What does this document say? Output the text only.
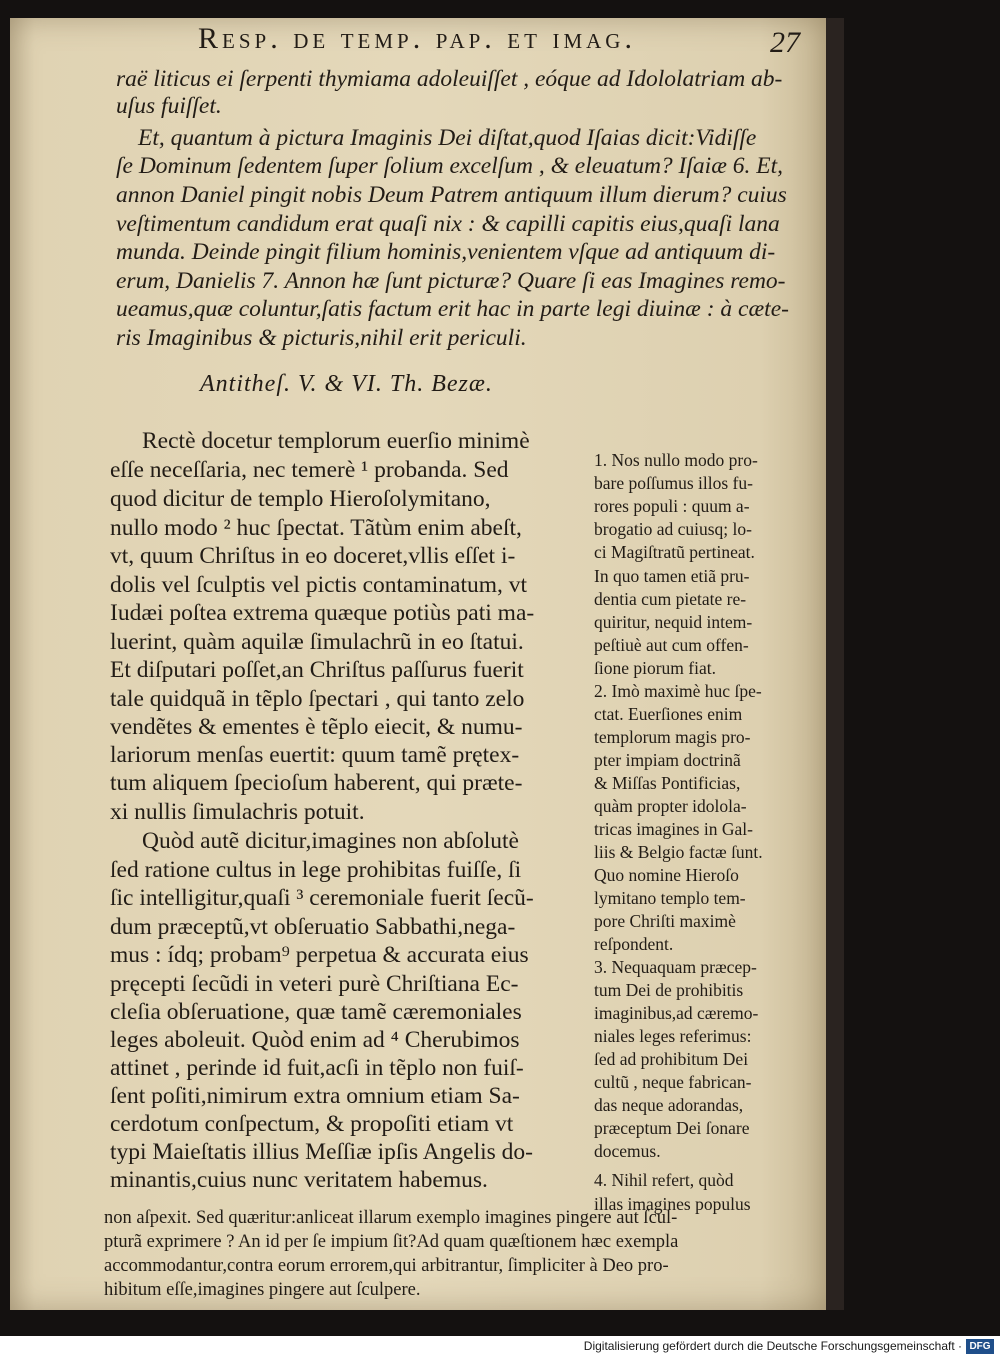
Resp. de temp. pap. et imag.	27
raë liticus ei ſerpenti thymiama adoleuiſſet , eóque ad Idololatriam ab-
uſus fuiſſet.
Et, quantum à pictura Imaginis Dei diſtat,quod Iſaias dicit:Vidiſſe
ſe Dominum ſedentem ſuper ſolium excelſum , & eleuatum? Iſaiæ 6. Et,
annon Daniel pingit nobis Deum Patrem antiquum illum dierum? cuius
veſtimentum candidum erat quaſi nix : & capilli capitis eius,quaſi lana
munda. Deinde pingit filium hominis,venientem vſque ad antiquum di-
erum, Danielis 7. Annon hæ ſunt picturæ? Quare ſi eas Imagines remo-
ueamus,quæ coluntur,ſatis factum erit hac in parte legi diuinæ : à cæte-
ris Imaginibus & picturis,nihil erit periculi.
Antitheſ. V. & VI. Th. Bezæ.
Rectè docetur templorum euerſio minimè
eſſe neceſſaria, nec temerè ¹ probanda. Sed
quod dicitur de templo Hieroſolymitano,
nullo modo ² huc ſpectat. Tãtùm enim abeſt,
vt, quum Chriſtus in eo doceret,vllis eſſet i-
dolis vel ſculptis vel pictis contaminatum, vt
Iudæi poſtea extrema quæque potiùs pati ma-
luerint, quàm aquilæ ſimulachrũ in eo ſtatui.
Et diſputari poſſet,an Chriſtus paſſurus fuerit
tale quidquã in tẽplo ſpectari , qui tanto zelo
vendẽtes & ementes è tẽplo eiecit, & numu-
lariorum menſas euertit: quum tamẽ prętex-
tum aliquem ſpecioſum haberent, qui præte-
xi nullis ſimulachris potuit.
Quòd autẽ dicitur,imagines non abſolutè
ſed ratione cultus in lege prohibitas fuiſſe, ſi
ſic intelligitur,quaſi ³ ceremoniale fuerit ſecũ-
dum præceptũ,vt obſeruatio Sabbathi,nega-
mus : ídq; probam⁹ perpetua & accurata eius
pręcepti ſecũdi in veteri purè Chriſtiana Ec-
cleſia obſeruatione, quæ tamẽ cæremoniales
leges aboleuit. Quòd enim ad ⁴ Cherubimos
attinet , perinde id fuit,acſi in tẽplo non fuiſ-
ſent poſiti,nimirum extra omnium etiam Sa-
cerdotum conſpectum, & propoſiti etiam vt
typi Maieſtatis illius Meſſiæ ipſis Angelis do-
minantis,cuius nunc veritatem habemus.
1. Nos nullo modo pro-
bare poſſumus illos fu-
rores populi : quum a-
brogatio ad cuiusq; lo-
ci Magiſtratũ pertineat.
In quo tamen etiã pru-
dentia cum pietate re-
quiritur, nequid intem-
peſtiuè aut cum offen-
ſione piorum fiat.
2. Imò maximè huc ſpe-
ctat. Euerſiones enim
templorum magis pro-
pter impiam doctrinã
& Miſſas Pontificias,
quàm propter idolola-
tricas imagines in Gal-
liis & Belgio factæ ſunt.
Quo nomine Hieroſo
lymitano templo tem-
pore Chriſti maximè
reſpondent.
3. Nequaquam præcep-
tum Dei de prohibitis
imaginibus,ad cæremo-
niales leges referimus:
ſed ad prohibitum Dei
cultũ , neque fabrican-
das neque adorandas,
præceptum Dei ſonare
docemus.
4. Nihil refert, quòd
illas imagines populus
non aſpexit. Sed quæritur:anliceat illarum exemplo imagines pingere aut ſcul-
pturã exprimere ? An id per ſe impium ſit?Ad quam quæſtionem hæc exempla
accommodantur,contra eorum errorem,qui arbitrantur, ſimpliciter à Deo pro-
hibitum eſſe,imagines pingere aut ſculpere.
Digitalisierung gefördert durch die Deutsche Forschungsgemeinschaft · DFG
